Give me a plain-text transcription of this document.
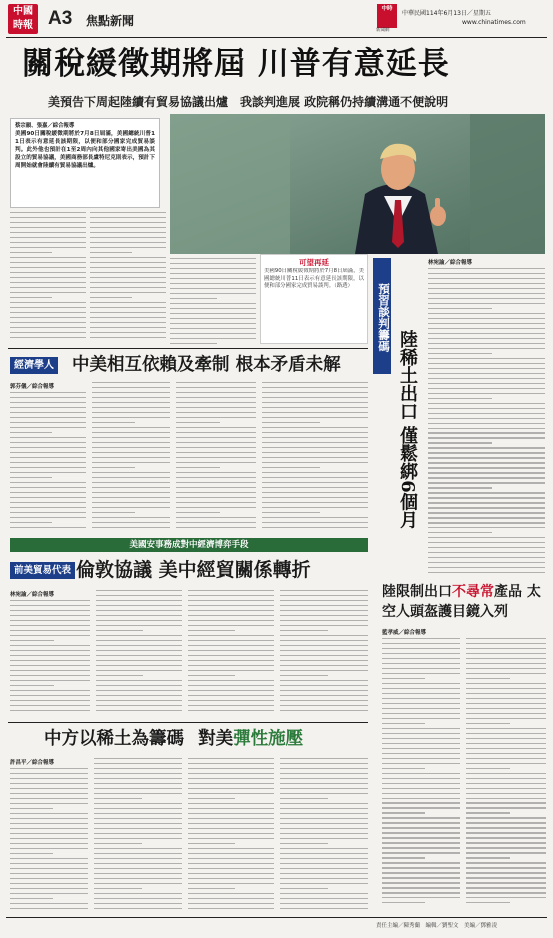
中國
時報 A3 焦點新聞
中時
新聞網
中華民國114年6月13日／星期五
www.chinatimes.com
關稅緩徵期將屆 川普有意延長
美預告下周起陸續有貿易協議出爐　我談判進展 政院稱仍持續溝通不便說明
蔡宗韻、張嘉／綜合報導
美國90日關稅緩徵期將於7月8日屆滿，美國總統川普11日表示有意延長該期限，以便和部分國家完成貿易談判。此外他也預計在1至2周內向其他國家寄出美國為其設立的貿易協議，美國商務部長盧特尼克則表示，預計下周開始就會陸續有貿易協議出爐。
可望再延
美國90日關稅緩徵期將於7月8日屆滿，美國總統川普11日表示有意延長該期限，以便和部分國家完成貿易談判。（路透）	預習談判籌碼
陸稀土出口 僅鬆綁6個月
林宛諭／綜合報導
經濟學人 中美相互依賴及牽制 根本矛盾未解
郭芬儀／綜合報導
美國安事務成對中經濟博弈手段
前美貿易代表 倫敦協議 美中經貿關係轉折
林宛諭／綜合報導	陸限制出口不尋常產品 太空人頭盔護目鏡入列
藍孝威／綜合報導
中方以稀土為籌碼 對美彈性施壓
許昌平／綜合報導
責任主編／陳秀蘭　編輯／劉聖文　美編／鄧雅凌
